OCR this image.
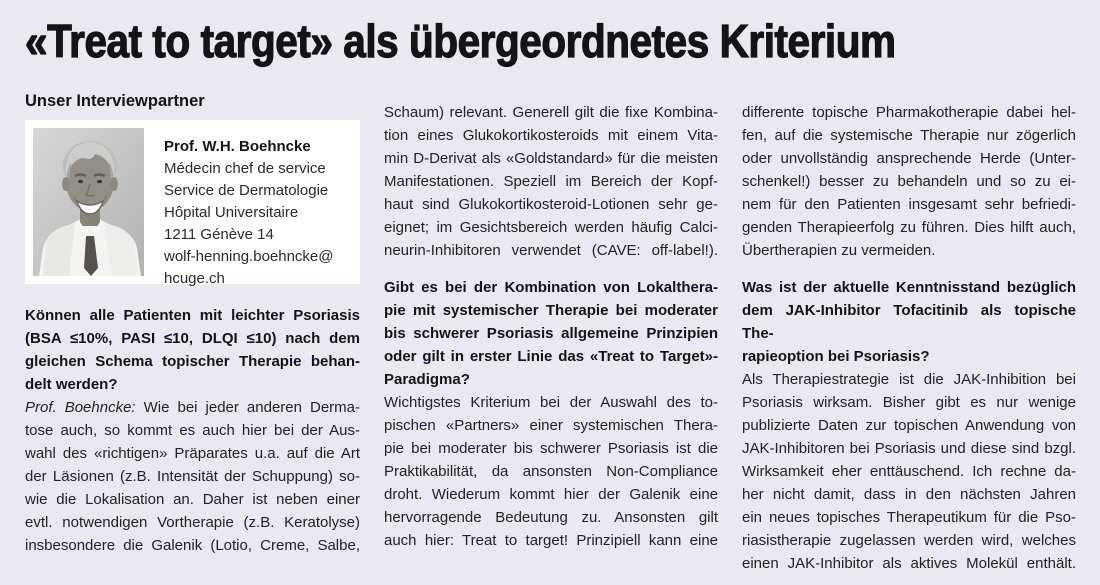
«Treat to target» als übergeordnetes Kriterium
Unser Interviewpartner
Prof. W.H. Boehncke
Médecin chef de service
Service de Dermatologie
Hôpital Universitaire
1211 Génève 14
wolf-henning.boehncke@
hcuge.ch
Können alle Patienten mit leichter Psoriasis
(BSA ≤10%, PASI ≤10, DLQI ≤10) nach dem
gleichen Schema topischer Therapie behan-
delt werden?
Prof. Boehncke: Wie bei jeder anderen Derma-
tose auch, so kommt es auch hier bei der Aus-
wahl des «richtigen» Präparates u.a. auf die Art
der Läsionen (z.B. Intensität der Schuppung) so-
wie die Lokalisation an. Daher ist neben einer
evtl. notwendigen Vortherapie (z.B. Keratolyse)
insbesondere die Galenik (Lotio, Creme, Salbe,
Schaum) relevant. Generell gilt die fixe Kombina-
tion eines Glukokortikosteroids mit einem Vita-
min D-Derivat als «Goldstandard» für die meisten
Manifestationen. Speziell im Bereich der Kopf-
haut sind Glukokortikosteroid-Lotionen sehr ge-
eignet; im Gesichtsbereich werden häufig Calci-
neurin-Inhibitoren verwendet (CAVE: off-label!).
Gibt es bei der Kombination von Lokalthera-
pie mit systemischer Therapie bei moderater
bis schwerer Psoriasis allgemeine Prinzipien
oder gilt in erster Linie das «Treat to Target»-
Paradigma?
Wichtigstes Kriterium bei der Auswahl des to-
pischen «Partners» einer systemischen Thera-
pie bei moderater bis schwerer Psoriasis ist die
Praktikabilität, da ansonsten Non-Compliance
droht. Wiederum kommt hier der Galenik eine
hervorragende Bedeutung zu. Ansonsten gilt
auch hier: Treat to target! Prinzipiell kann eine
differente topische Pharmakotherapie dabei hel-
fen, auf die systemische Therapie nur zögerlich
oder unvollständig ansprechende Herde (Unter-
schenkel!) besser zu behandeln und so zu ei-
nem für den Patienten insgesamt sehr befriedi-
genden Therapieerfolg zu führen. Dies hilft auch,
Übertherapien zu vermeiden.
Was ist der aktuelle Kenntnisstand bezüglich
dem JAK-Inhibitor Tofacitinib als topische The-
rapieoption bei Psoriasis?
Als Therapiestrategie ist die JAK-Inhibition bei
Psoriasis wirksam. Bisher gibt es nur wenige
publizierte Daten zur topischen Anwendung von
JAK-Inhibitoren bei Psoriasis und diese sind bzgl.
Wirksamkeit eher enttäuschend. Ich rechne da-
her nicht damit, dass in den nächsten Jahren
ein neues topisches Therapeutikum für die Pso-
riasistherapie zugelassen werden wird, welches
einen JAK-Inhibitor als aktives Molekül enthält.
